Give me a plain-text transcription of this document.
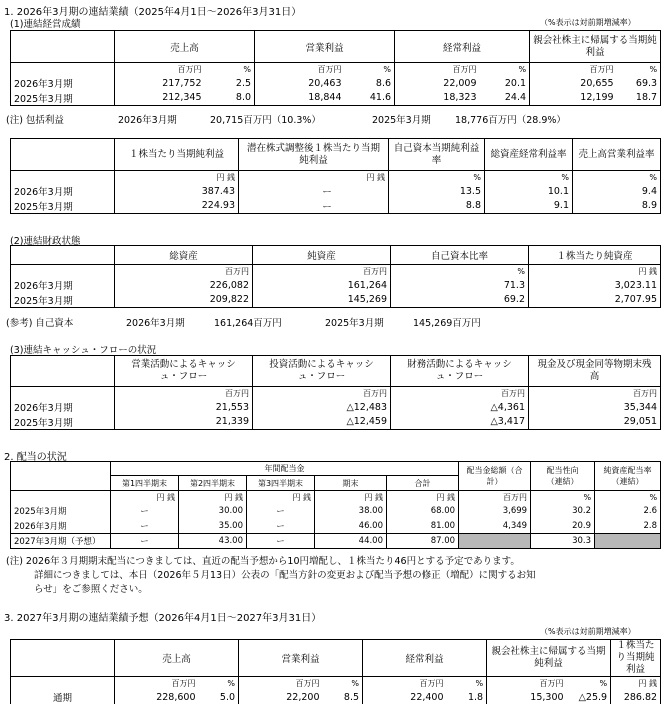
1. 2026年3月期の連結業績（2025年4月1日～2026年3月31日）
(1)連結経営成績	（%表示は対前期増減率）
	売上高		営業利益		経常利益		親会社株主に帰属する当期純利益	
	百万円	%	百万円	%	百万円	%	百万円	%
2026年3月期	217,752	2.5	20,463	8.6	22,009	20.1	20,655	69.3
2025年3月期	212,345	8.0	18,844	41.6	18,323	24.4	12,199	18.7
(注) 包括利益	2026年3月期	20,715百万円（10.3%）	2025年3月期	18,776百万円（28.9%）
	１株当たり当期純利益	潜在株式調整後１株当たり当期純利益	自己資本当期純利益率	総資産経常利益率	売上高営業利益率
	円 銭	円 銭	%	%	%
2026年3月期	387.43	ー	13.5	10.1	9.4
2025年3月期	224.93	ー	8.8	9.1	8.9
(2)連結財政状態
	総資産	純資産	自己資本比率	１株当たり純資産
	百万円	百万円	%	円 銭
2026年3月期	226,082	161,264	71.3	3,023.11
2025年3月期	209,822	145,269	69.2	2,707.95
(参考) 自己資本	2026年3月期	161,264百万円	2025年3月期	145,269百万円
(3)連結キャッシュ・フローの状況
	営業活動によるキャッシュ・フロー	投資活動によるキャッシュ・フロー	財務活動によるキャッシュ・フロー	現金及び現金同等物期末残高
	百万円	百万円	百万円	百万円
2026年3月期	21,553	△12,483	△4,361	35,344
2025年3月期	21,339	△12,459	△3,417	29,051
2. 配当の状況
	年間配当金					配当金総額（合計）	配当性向（連結）	純資産配当率（連結）
	第1四半期末	第2四半期末	第3四半期末	期末	合計			
	円 銭	円 銭	円 銭	円 銭	円 銭	百万円	%	%
2025年3月期	ー	30.00	ー	38.00	68.00	3,699	30.2	2.6
2026年3月期	ー	35.00	ー	46.00	81.00	4,349	20.9	2.8
2027年3月期（予想）	ー	43.00	ー	44.00	87.00		30.3	
(注) 2026年３月期期末配当につきましては、直近の配当予想から10円増配し、１株当たり46円とする予定であります。
詳細につきましては、本日（2026年５月13日）公表の「配当方針の変更および配当予想の修正（増配）に関するお知
らせ」をご参照ください。
3. 2027年3月期の連結業績予想（2026年4月1日～2027年3月31日）
（%表示は対前期増減率）
	売上高		営業利益		経常利益		親会社株主に帰属する当期純利益		１株当たり当期純利益
	百万円	%	百万円	%	百万円	%	百万円	%	円 銭
通期	228,600	5.0	22,200	8.5	22,400	1.8	15,300	△25.9	286.82
